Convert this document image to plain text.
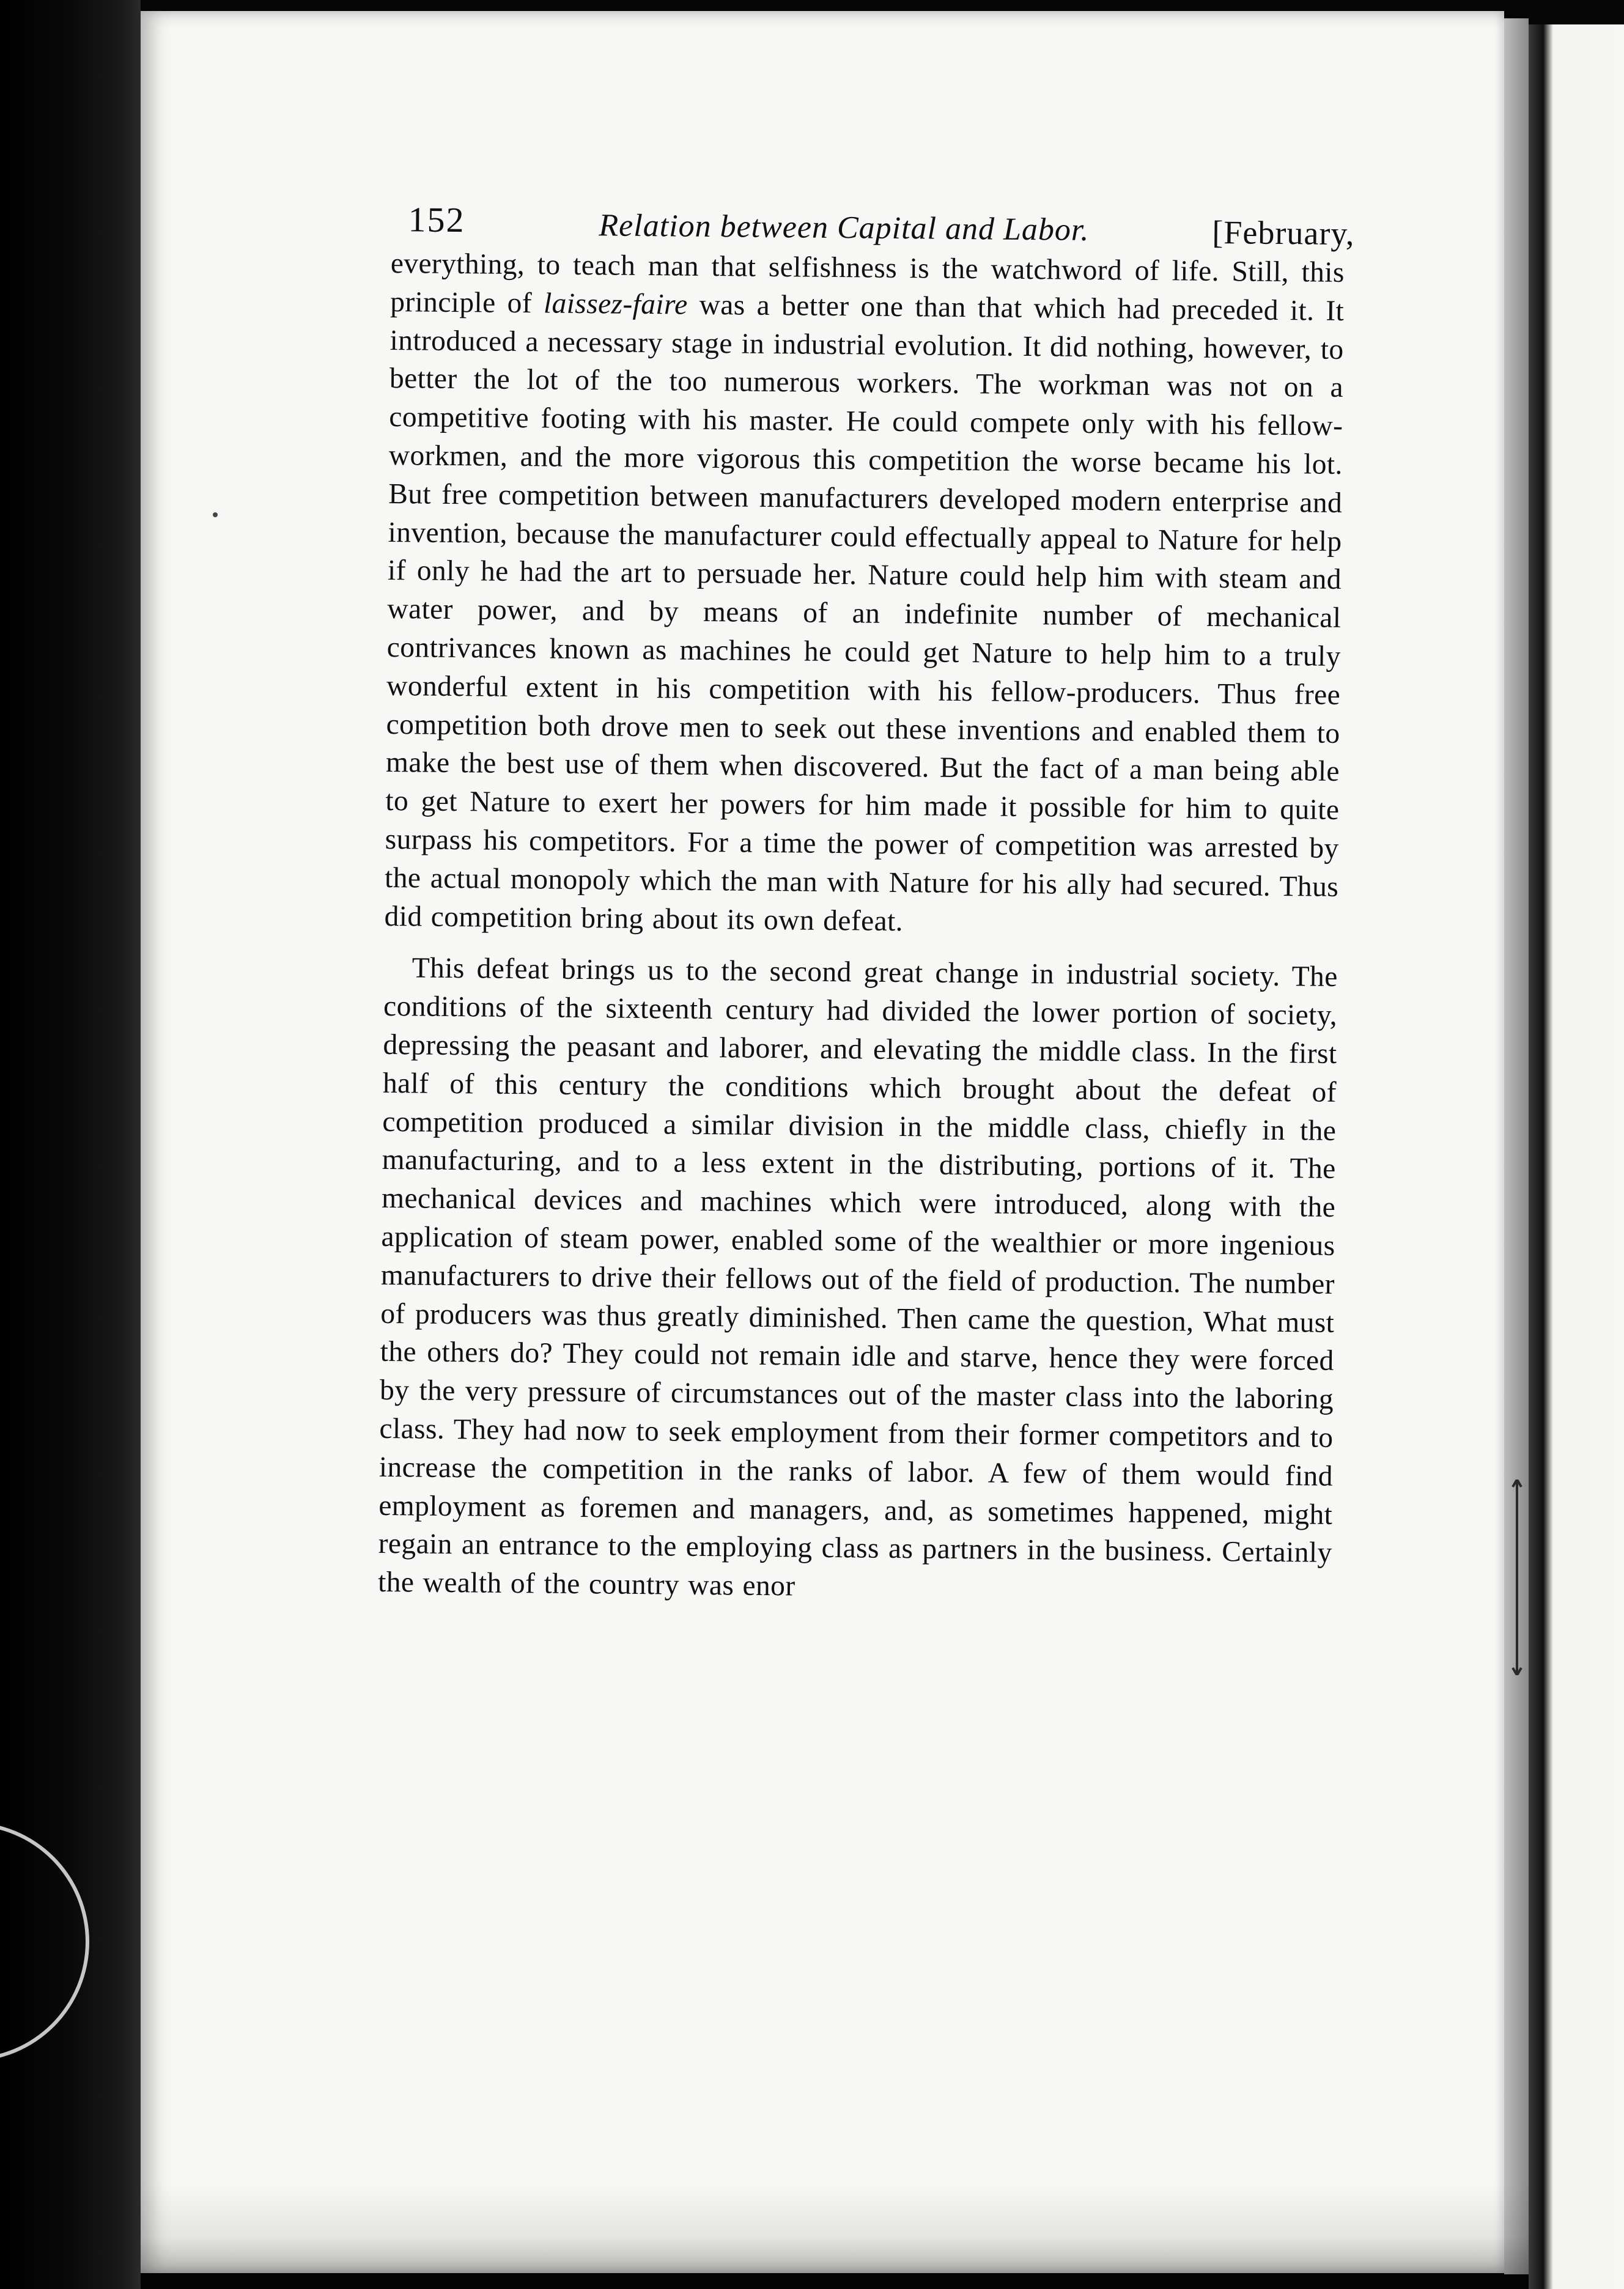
152	Relation between Capital and Labor.	[February,

everything, to teach man that selfishness is the watchword of life. Still, this principle of laissez-faire was a better one than that which had preceded it. It introduced a necessary stage in industrial evolution. It did nothing, however, to better the lot of the too numerous workers. The workman was not on a competitive footing with his master. He could compete only with his fellow-workmen, and the more vigorous this competition the worse became his lot. But free competition between manufacturers developed modern enterprise and invention, because the manufacturer could effectually appeal to Nature for help if only he had the art to persuade her. Nature could help him with steam and water power, and by means of an indefinite number of mechanical contrivances known as machines he could get Nature to help him to a truly wonderful extent in his competition with his fellow-producers. Thus free competition both drove men to seek out these inventions and enabled them to make the best use of them when discovered. But the fact of a man being able to get Nature to exert her powers for him made it possible for him to quite surpass his competitors. For a time the power of competition was arrested by the actual monopoly which the man with Nature for his ally had secured. Thus did competition bring about its own defeat.

This defeat brings us to the second great change in industrial society. The conditions of the sixteenth century had divided the lower portion of society, depressing the peasant and laborer, and elevating the middle class. In the first half of this century the conditions which brought about the defeat of competition produced a similar division in the middle class, chiefly in the manufacturing, and to a less extent in the distributing, portions of it. The mechanical devices and machines which were introduced, along with the application of steam power, enabled some of the wealthier or more ingenious manufacturers to drive their fellows out of the field of production. The number of producers was thus greatly diminished. Then came the question, What must the others do? They could not remain idle and starve, hence they were forced by the very pressure of circumstances out of the master class into the laboring class. They had now to seek employment from their former competitors and to increase the competition in the ranks of labor. A few of them would find employment as foremen and managers, and, as sometimes happened, might regain an entrance to the employing class as partners in the business. Certainly the wealth of the country was enor
